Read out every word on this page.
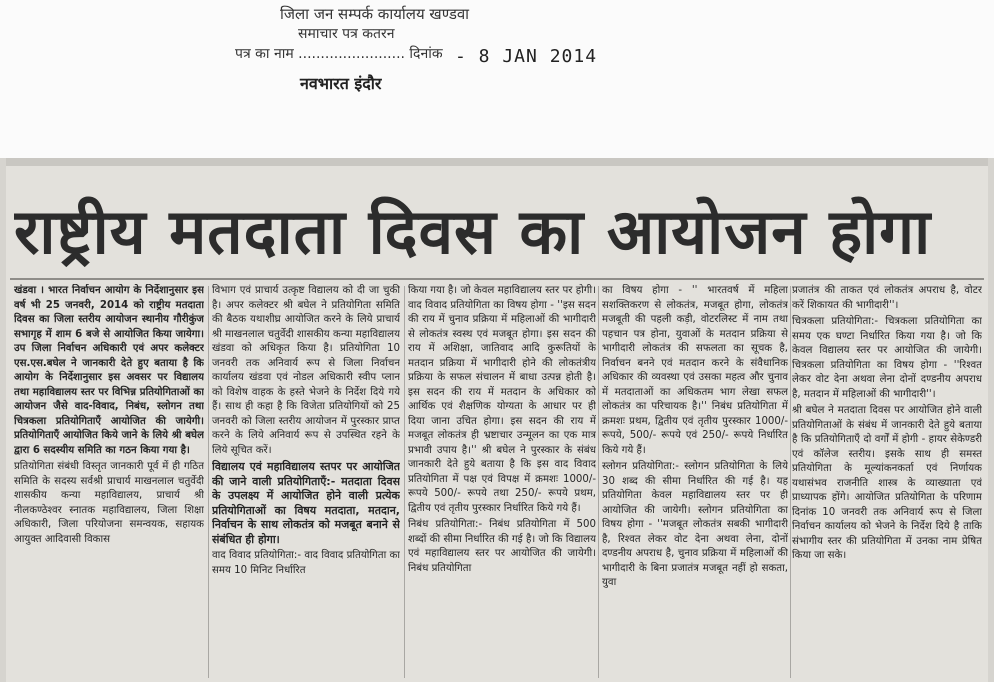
जिला जन सम्पर्क कार्यालय खण्डवा
समाचार पत्र कतरन
पत्र का नाम ........................ दिनांक - 8 JAN 2014
नवभारत इंदौर
राष्ट्रीय मतदाता दिवस का आयोजन होगा

खंडवा । भारत निर्वाचन आयोग के निर्देशानुसार इस वर्ष भी 25 जनवरी, 2014 को राष्ट्रीय मतदाता दिवस का जिला स्तरीय आयोजन स्थानीय गौरीकुंज सभागृह में शाम 6 बजे से आयोजित किया जायेगा। उप जिला निर्वाचन अधिकारी एवं अपर कलेक्टर एस.एस.बघेल ने जानकारी देते हुए बताया है कि आयोग के निर्देशानुसार इस अवसर पर विद्यालय तथा महाविद्यालय स्तर पर विभिन्न प्रतियोगिताओं का आयोजन जैसे वाद-विवाद, निबंध, स्लोगन तथा चित्रकला प्रतियोगिताएँ आयोजित की जायेगी। प्रतियोगिताएँ आयोजित किये जाने के लिये श्री बघेल द्वारा 6 सदस्यीय समिति का गठन किया गया है।

प्रतियोगिता संबंधी विस्तृत जानकारी पूर्व में ही गठित समिति के सदस्य सर्वश्री प्राचार्य माखनलाल चतुर्वेदी शासकीय कन्या महाविद्यालय, प्राचार्य श्री नीलकण्ठेश्वर स्नातक महाविद्यालय, जिला शिक्षा अधिकारी, जिला परियोजना समन्वयक, सहायक आयुक्त आदिवासी विकास

विभाग एवं प्राचार्य उत्कृष्ट विद्यालय को दी जा चुकी है। अपर कलेक्टर श्री बघेल ने प्रतियोगिता समिति की बैठक यथाशीघ्र आयोजित करने के लिये प्राचार्य श्री माखनलाल चतुर्वेदी शासकीय कन्या महाविद्यालय खंडवा को अधिकृत किया है। प्रतियोगिता 10 जनवरी तक अनिवार्य रूप से जिला निर्वाचन कार्यालय खंडवा एवं नोडल अधिकारी स्वीप प्लान को विशेष वाहक के हस्ते भेजने के निर्देश दिये गये हैं। साथ ही कहा है कि विजेता प्रतियोगियों को 25 जनवरी को जिला स्तरीय आयोजन में पुरस्कार प्राप्त करने के लिये अनिवार्य रूप से उपस्थित रहने के लिये सूचित करें।

विद्यालय एवं महाविद्यालय स्तपर पर आयोजित की जाने वाली प्रतियोगिताएँ:- मतदाता दिवस के उपलक्ष्य में आयोजित होने वाली प्रत्येक प्रतियोगिताओं का विषय मतदाता, मतदान, निर्वाचन के साथ लोकतंत्र को मजबूत बनाने से संबंधित ही होगा।

वाद विवाद प्रतियोगिता:- वाद विवाद प्रतियोगिता का समय 10 मिनिट निर्धारित

किया गया है। जो केवल महाविद्यालय स्तर पर होगी। वाद विवाद प्रतियोगिता का विषय होगा - ''इस सदन की राय में चुनाव प्रक्रिया में महिलाओं की भागीदारी से लोकतंत्र स्वस्थ एवं मजबूत होगा। इस सदन की राय में अशिक्षा, जातिवाद आदि कुरूतियों के मतदान प्रक्रिया में भागीदारी होने की लोकतंत्रीय प्रक्रिया के सफल संचालन में बाधा उत्पन्न होती है। इस सदन की राय में मतदान के अधिकार को आर्थिक एवं शैक्षणिक योग्यता के आधार पर ही दिया जाना उचित होगा। इस सदन की राय में मजबूत लोकतंत्र ही भ्रष्टाचार उन्मूलन का एक मात्र प्रभावी उपाय है।'' श्री बघेल ने पुरस्कार के संबंध जानकारी देते हुये बताया है कि इस वाद विवाद प्रतियोगिता में पक्ष एवं विपक्ष में क्रमशः 1000/- रूपये 500/- रूपये तथा 250/- रूपये प्रथम, द्वितीय एवं तृतीय पुरस्कार निर्धारित किये गये हैं।

निबंध प्रतियोगिता:- निबंध प्रतियोगिता में 500 शब्दों की सीमा निर्धारित की गई है। जो कि विद्यालय एवं महाविद्यालय स्तर पर आयोजित की जायेगी। निबंध प्रतियोगिता

का विषय होगा - '' भारतवर्ष में महिला सशक्तिकरण से लोकतंत्र, मजबूत होगा, लोकतंत्र मजबूती की पहली कड़ी, वोटरलिस्ट में नाम तथा पहचान पत्र होना, युवाओं के मतदान प्रक्रिया से भागीदारी लोकतंत्र की सफलता का सूचक है, निर्वाचन बनने एवं मतदान करने के संवैधानिक अधिकार की व्यवस्था एवं उसका महत्व और चुनाव में मतदाताओं का अधिकतम भाग लेखा सफल लोकतंत्र का परिचायक है।'' निबंध प्रतियोगिता में क्रमशः प्रथम, द्वितीय एवं तृतीय पुरस्कार 1000/- रूपये, 500/- रूपये एवं 250/- रूपये निर्धारित किये गये हैं।

स्लोगन प्रतियोगिता:- स्लोगन प्रतियोगिता के लिये 30 शब्द की सीमा निर्धारित की गई है। यह प्रतियोगिता केवल महाविद्यालय स्तर पर ही आयोजित की जायेगी। स्लोगन प्रतियोगिता का विषय होगा - ''मजबूत लोकतंत्र सबकी भागीदारी है, रिश्वत लेकर वोट देना अथवा लेना, दोनों दण्डनीय अपराध है, चुनाव प्रक्रिया में महिलाओं की भागीदारी के बिना प्रजातंत्र मजबूत नहीं हो सकता, युवा

प्रजातंत्र की ताकत एवं लोकतंत्र अपराध है, वोटर करें शिकायत की भागीदारी''।

चित्रकला प्रतियोगिता:- चित्रकला प्रतियोगिता का समय एक घण्टा निर्धारित किया गया है। जो कि केवल विद्यालय स्तर पर आयोजित की जायेगी। चित्रकला प्रतियोगिता का विषय होगा - ''रिश्वत लेकर वोट देना अथवा लेना दोनों दण्डनीय अपराध है, मतदान में महिलाओं की भागीदारी''।

श्री बघेल ने मतदाता दिवस पर आयोजित होने वाली प्रतियोगिताओं के संबंध में जानकारी देते हुये बताया है कि प्रतियोगिताएँ दो वर्गों में होगी - हायर सेकेण्डरी एवं कॉलेज स्तरीय। इसके साथ ही समस्त प्रतियोगिता के मूल्यांकनकर्ता एवं निर्णायक यथासंभव राजनीति शास्त्र के व्याख्याता एवं प्राध्यापक होंगे। आयोजित प्रतियोगिता के परिणाम दिनांक 10 जनवरी तक अनिवार्य रूप से जिला निर्वाचन कार्यालय को भेजने के निर्देश दिये है ताकि संभागीय स्तर की प्रतियोगिता में उनका नाम प्रेषित किया जा सके।
